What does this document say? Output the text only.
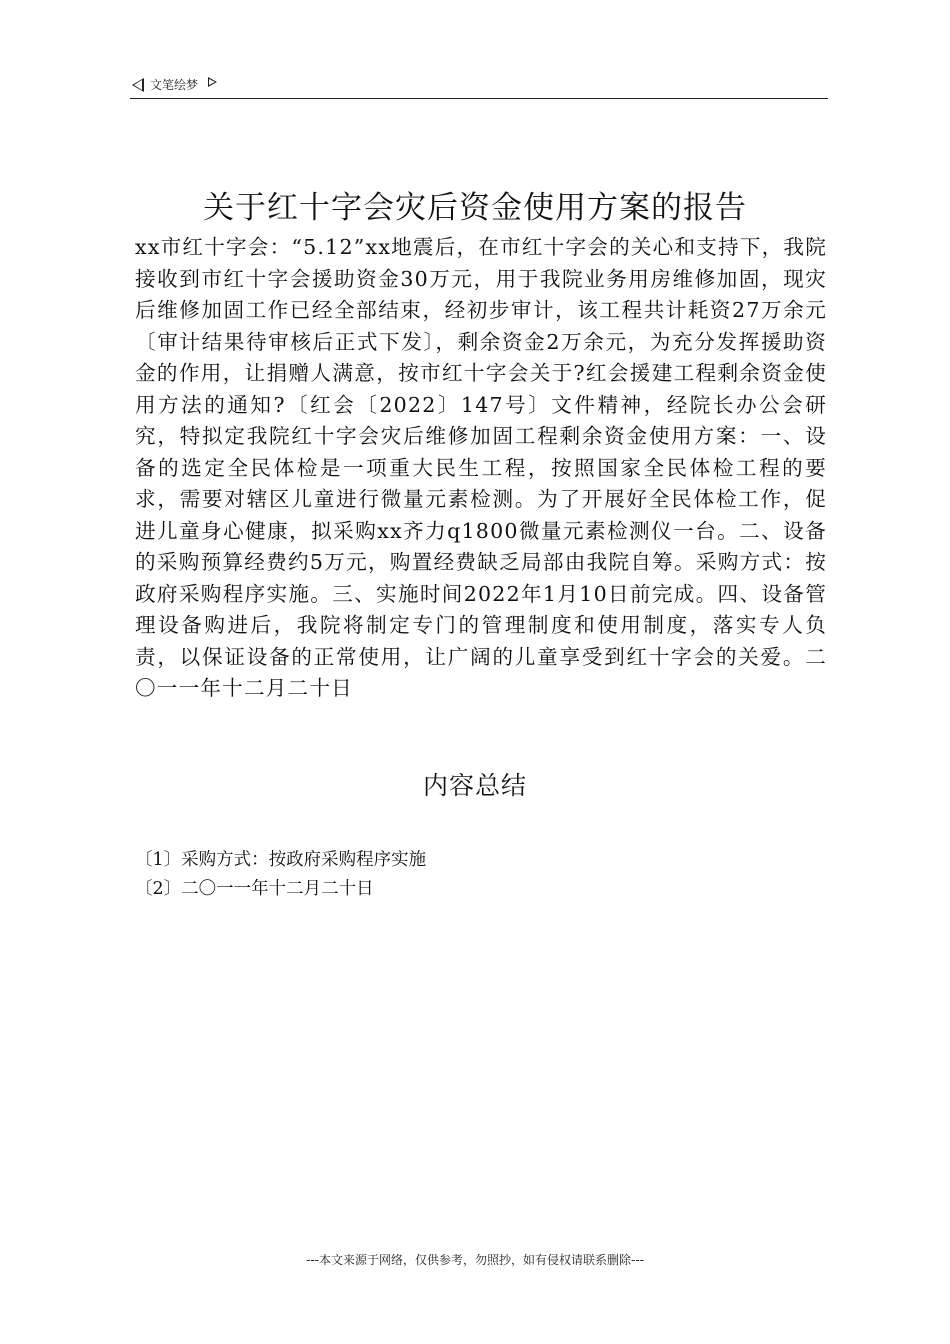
文笔绘梦
关于红十字会灾后资金使用方案的报告
xx市红十字会：“5.12”xx地震后，在市红十字会的关心和支持下，我院接收到市红十字会援助资金30万元，用于我院业务用房维修加固，现灾后维修加固工作已经全部结束，经初步审计，该工程共计耗资27万余元〔审计结果待审核后正式下发〕，剩余资金2万余元，为充分发挥援助资金的作用，让捐赠人满意，按市红十字会关于?红会援建工程剩余资金使用方法的通知?〔红会〔2022〕147号〕文件精神，经院长办公会研究，特拟定我院红十字会灾后维修加固工程剩余资金使用方案：一、设备的选定全民体检是一项重大民生工程，按照国家全民体检工程的要求，需要对辖区儿童进行微量元素检测。为了开展好全民体检工作，促进儿童身心健康，拟采购xx齐力q1800微量元素检测仪一台。二、设备的采购预算经费约5万元，购置经费缺乏局部由我院自筹。采购方式：按政府采购程序实施。三、实施时间2022年1月10日前完成。四、设备管理设备购进后，我院将制定专门的管理制度和使用制度，落实专人负责，以保证设备的正常使用，让广阔的儿童享受到红十字会的关爱。二〇一一年十二月二十日
内容总结
〔1〕采购方式：按政府采购程序实施
〔2〕二〇一一年十二月二十日
---本文来源于网络，仅供参考，勿照抄，如有侵权请联系删除---
